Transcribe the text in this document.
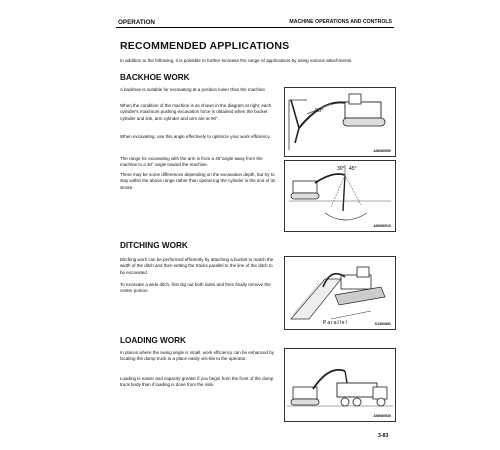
OPERATION	MACHINE OPERATIONS AND CONTROLS
RECOMMENDED APPLICATIONS
In addition to the following, it is possible to further increase the range of applications by using various attachments.
BACKHOE WORK

A backhoe is suitable for excavating at a position lower than the machine.

When the condition of the machine is as shown in the diagram at right, each cylinder's maximum pushing excavation force is obtained when the bucket cylinder and link, arm cylinder and arm are at 90°.

When excavating, use this angle effectively to optimize your work efficiency.

The range for excavating with the arm is from a 45°angle away from the machine to a 30° angle toward the machine.

There may be some differences depending on the excavation depth, but try to stay within the above range rather than operat-ing the cylinder is the end of its stroke.

90°
AM080550
30° 45°
AM080510
DITCHING WORK

Ditching work can be performed efficiently by attaching a bucket to match the width of the ditch and then setting the tracks parallel to the line of the ditch to be excavated.

To excavate a wide ditch, first dig out both sides and then finally remove the center portion.

Parallel	SJ400852
LOADING WORK

In places where the swing angle is small, work efficiency can be enhanced by locating the dump truck in a place easily visi-ble to the operator.

Loading is easier and capacity greater if you begin from the front of the dump truck body than if loading is done from the side.

AM080540
3-83
